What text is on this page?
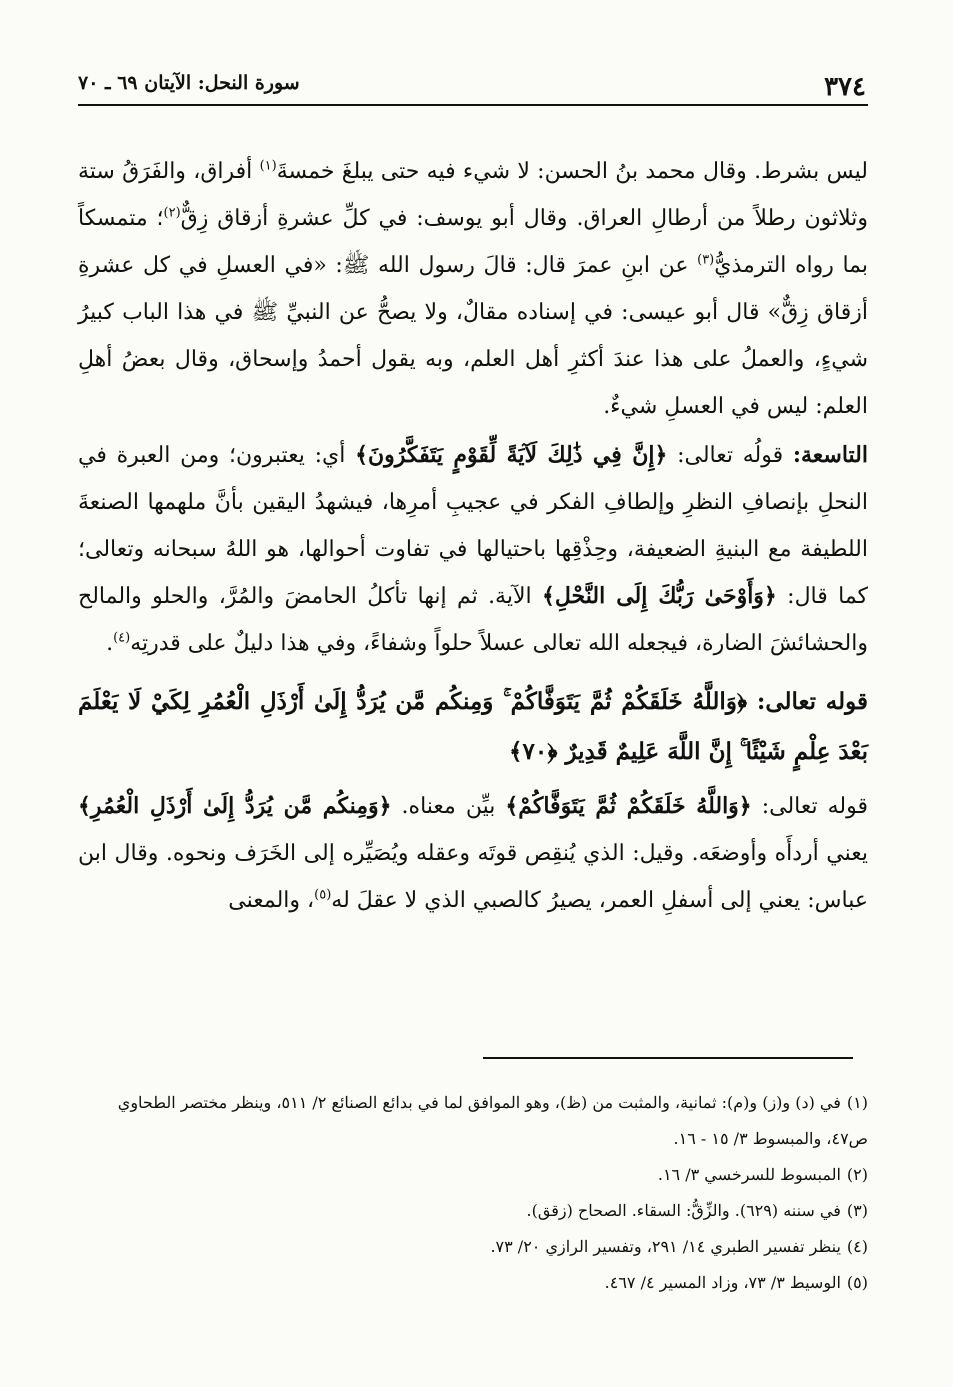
٣٧٤
سورة النحل: الآيتان ٦٩ ـ ٧٠

ليس بشرط. وقال محمد بنُ الحسن: لا شيء فيه حتى يبلغَ خمسةَ$^{(١)}$ أفراق، والفَرَقُ ستة وثلاثون رطلاً من أرطالِ العراق. وقال أبو يوسف: في كلِّ عشرةِ أزقاق زِقٌّ$^{(٢)}$؛ متمسكاً بما رواه الترمذيُّ$^{(٣)}$ عن ابنِ عمرَ قال: قالَ رسول الله ﷺ: «في العسلِ في كل عشرةِ أزقاق زِقٌّ» قال أبو عيسى: في إسناده مقالٌ، ولا يصحُّ عن النبيِّ ﷺ في هذا الباب كبيرُ شيءٍ، والعملُ على هذا عندَ أكثرِ أهل العلم، وبه يقول أحمدُ وإسحاق، وقال بعضُ أهلِ العلم: ليس في العسلِ شيءٌ.

التاسعة: قولُه تعالى: ﴿إِنَّ فِي ذَٰلِكَ لَآيَةً لِّقَوْمٍ يَتَفَكَّرُونَ﴾ أي: يعتبرون؛ ومن العبرة في النحلِ بإنصافِ النظرِ وإلطافِ الفكر في عجيبِ أمرِها، فيشهدُ اليقين بأنَّ ملهمها الصنعةَ اللطيفة مع البنيةِ الضعيفة، وحِذْقِها باحتيالها في تفاوت أحوالها، هو اللهُ سبحانه وتعالى؛ كما قال: ﴿وَأَوْحَىٰ رَبُّكَ إِلَى النَّحْلِ﴾ الآية. ثم إنها تأكلُ الحامضَ والمُرَّ، والحلو والمالح والحشائشَ الضارة، فيجعله الله تعالى عسلاً حلواً وشفاءً، وفي هذا دليلٌ على قدرتِه$^{(٤)}$.

قوله تعالى: ﴿وَاللَّهُ خَلَقَكُمْ ثُمَّ يَتَوَفَّاكُمْ ۚ وَمِنكُم مَّن يُرَدُّ إِلَىٰ أَرْذَلِ الْعُمُرِ لِكَيْ لَا يَعْلَمَ بَعْدَ عِلْمٍ شَيْئًا ۚ إِنَّ اللَّهَ عَلِيمٌ قَدِيرٌ ﴿٧٠﴾

قوله تعالى: ﴿وَاللَّهُ خَلَقَكُمْ ثُمَّ يَتَوَفَّاكُمْ﴾ بيِّن معناه. ﴿وَمِنكُم مَّن يُرَدُّ إِلَىٰ أَرْذَلِ الْعُمُرِ﴾ يعني أردأَه وأوضعَه. وقيل: الذي يُنقِص قوتَه وعقله ويُصَيِّره إلى الخَرَف ونحوه. وقال ابن عباس: يعني إلى أسفلِ العمر، يصيرُ كالصبي الذي لا عقلَ له$^{(٥)}$، والمعنى

(١)في (د) و(ز) و(م): ثمانية، والمثبت من (ظ)، وهو الموافق لما في بدائع الصنائع ٢/ ٥١١، وينظر مختصر الطحاوي ص٤٧، والمبسوط ٣/ ١٥ - ١٦.

(٢)المبسوط للسرخسي ٣/ ١٦.

(٣)في سننه (٦٢٩). والزِّقُّ: السقاء. الصحاح (زقق).

(٤)ينظر تفسير الطبري ١٤/ ٢٩١، وتفسير الرازي ٢٠/ ٧٣.

(٥)الوسيط ٣/ ٧٣، وزاد المسير ٤/ ٤٦٧.
